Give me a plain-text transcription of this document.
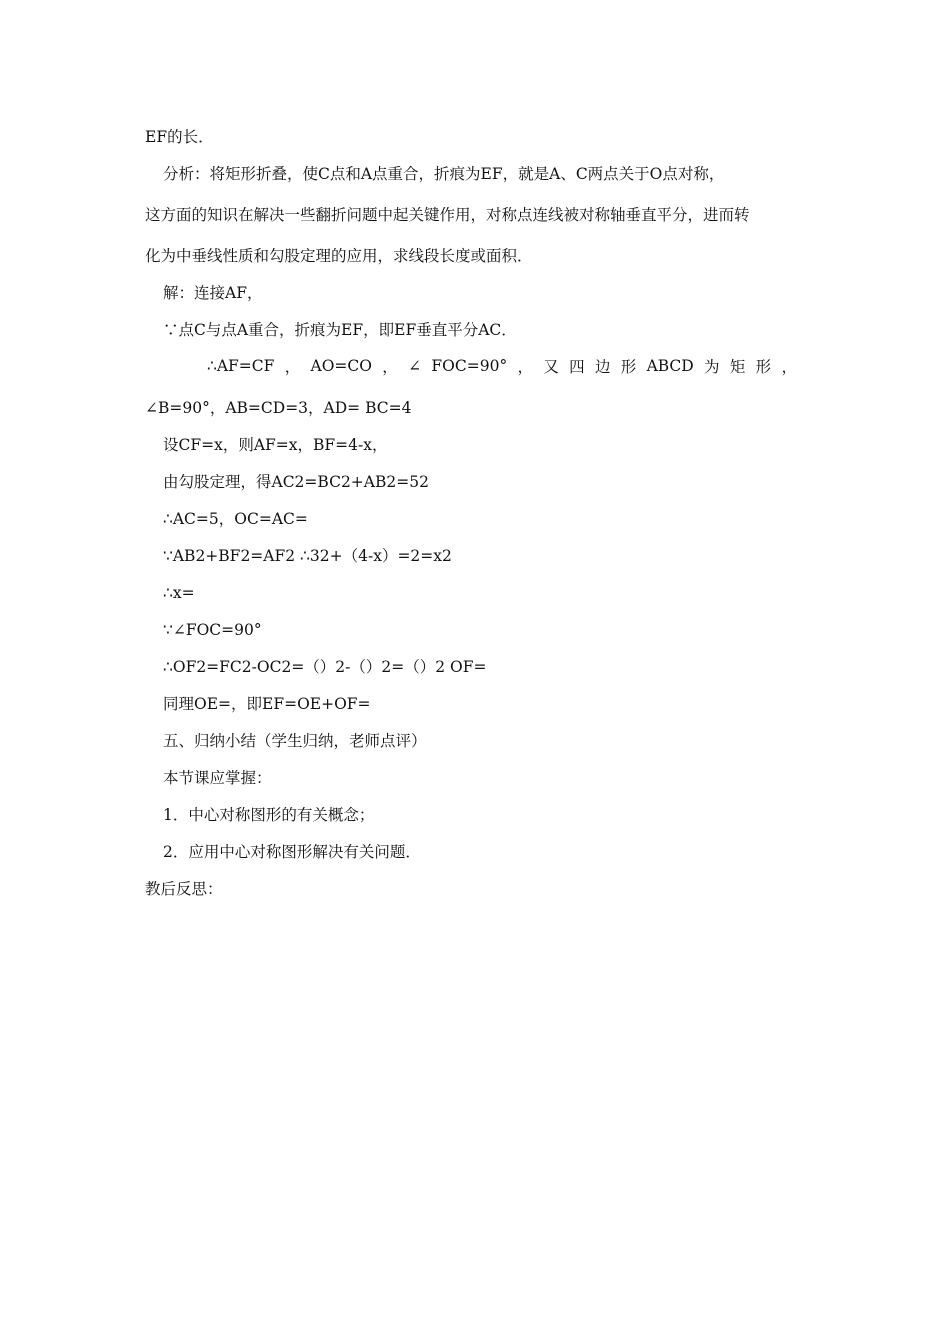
EF的长．
分析：将矩形折叠，使C点和A点重合，折痕为EF，就是A、C两点关于O点对称，
这方面的知识在解决一些翻折问题中起关键作用，对称点连线被对称轴垂直平分，进而转
化为中垂线性质和勾股定理的应用，求线段长度或面积．
解：连接AF，
∵点C与点A重合，折痕为EF，即EF垂直平分AC．
∴AF=CF ， AO=CO ， ∠ FOC=90° ， 又 四 边 形 ABCD 为 矩 形 ，
∠B=90°，AB=CD=3，AD= BC=4
设CF=x，则AF=x，BF=4-x，
由勾股定理，得AC2=BC2+AB2=52
∴AC=5，OC=AC=
∵AB2+BF2=AF2 ∴32+（4-x）=2=x2
∴x=
∵∠FOC=90°
∴OF2=FC2-OC2=（）2-（）2=（）2 OF=
同理OE=，即EF=OE+OF=
五、归纳小结（学生归纳，老师点评）
本节课应掌握：
1．中心对称图形的有关概念；
2．应用中心对称图形解决有关问题．
教后反思：
